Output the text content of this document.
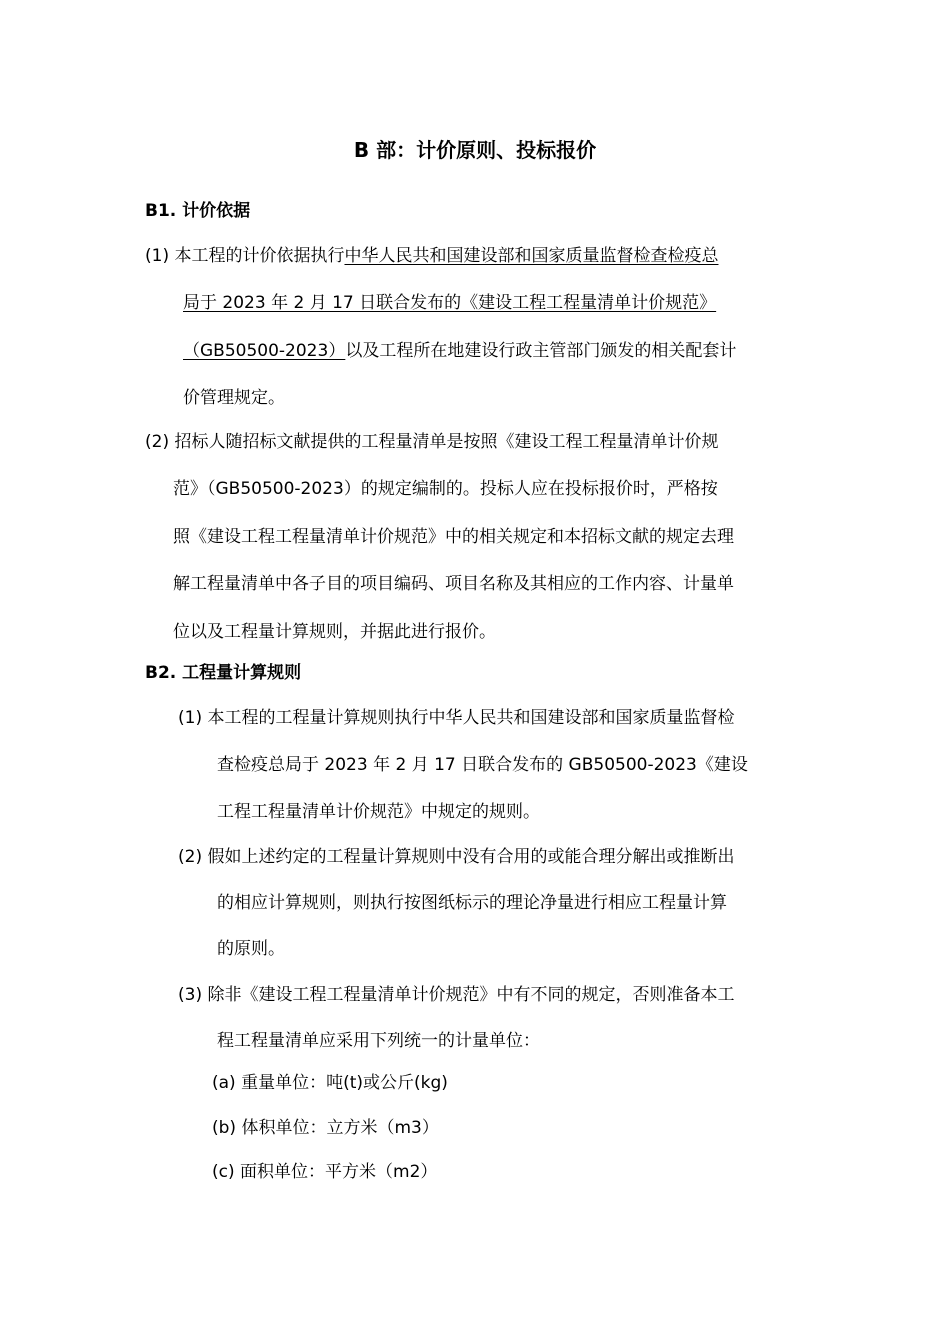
B 部：计价原则、投标报价
B1. 计价依据
(1) 本工程的计价依据执行中华人民共和国建设部和国家质量监督检查检疫总
局于 2023 年 2 月 17 日联合发布的《建设工程工程量清单计价规范》
（GB50500-2023）以及工程所在地建设行政主管部门颁发的相关配套计
价管理规定。
(2) 招标人随招标文献提供的工程量清单是按照《建设工程工程量清单计价规
范》（GB50500-2023）的规定编制的。投标人应在投标报价时，严格按
照《建设工程工程量清单计价规范》中的相关规定和本招标文献的规定去理
解工程量清单中各子目的项目编码、项目名称及其相应的工作内容、计量单
位以及工程量计算规则，并据此进行报价。
B2. 工程量计算规则
(1) 本工程的工程量计算规则执行中华人民共和国建设部和国家质量监督检
查检疫总局于 2023 年 2 月 17 日联合发布的 GB50500-2023《建设
工程工程量清单计价规范》中规定的规则。
(2) 假如上述约定的工程量计算规则中没有合用的或能合理分解出或推断出
的相应计算规则，则执行按图纸标示的理论净量进行相应工程量计算
的原则。
(3) 除非《建设工程工程量清单计价规范》中有不同的规定，否则准备本工
程工程量清单应采用下列统一的计量单位：
(a) 重量单位：吨(t)或公斤(kg)
(b) 体积单位：立方米（m3）
(c) 面积单位：平方米（m2）
